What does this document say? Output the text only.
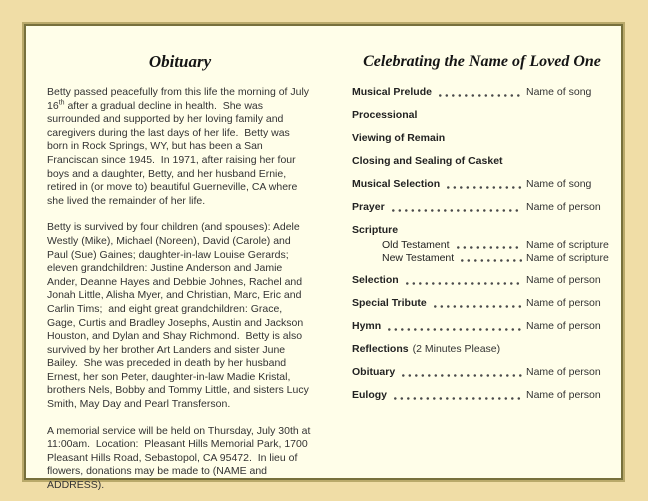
Obituary

Betty passed peacefully from this life the morning of July 16th after a gradual decline in health.  She was surrounded and supported by her loving family and caregivers during the last days of her life.  Betty was born in Rock Springs, WY, but has been a San Franciscan since 1945.  In 1971, after raising her four boys and a daughter, Betty, and her husband Ernie, retired in (or move to) beautiful Guerneville, CA where she lived the remainder of her life.

Betty is survived by four children (and spouses): Adele Westly (Mike), Michael (Noreen), David (Carole) and Paul (Sue) Gaines; daughter-in-law Louise Gerards;  eleven grandchildren: Justine Anderson and Jamie Ander, Deanne Hayes and Debbie Johnes, Rachel and Jonah Little, Alisha Myer, and Christian, Marc, Eric and Carlin Tims;  and eight great grandchildren: Grace, Gage, Curtis and Bradley Josephs, Austin and Jackson Houston, and Dylan and Shay Richmond.  Betty is also survived by her brother Art Landers and sister June Bailey.  She was preceded in death by her husband Ernest, her son Peter, daughter-in-law Madie Kristal, brothers Nels, Bobby and Tommy Little, and sisters Lucy Smith, May Day and Pearl Transferson.

A memorial service will be held on Thursday, July 30th at 11:00am.  Location:  Pleasant Hills Memorial Park, 1700 Pleasant Hills Road, Sebastopol, CA 95472.  In lieu of flowers, donations may be made to (NAME and ADDRESS).

Celebrating the Name of Loved One
Musical Prelude	Name of song
Processional
Viewing of Remain
Closing and Sealing of Casket
Musical Selection	Name of song
Prayer	Name of person
Scripture
Old Testament	Name of scripture
New Testament	Name of scripture
Selection	Name of person
Special Tribute	Name of person
Hymn	Name of person
Reflections (2 Minutes Please)
Obituary	Name of person
Eulogy	Name of person
